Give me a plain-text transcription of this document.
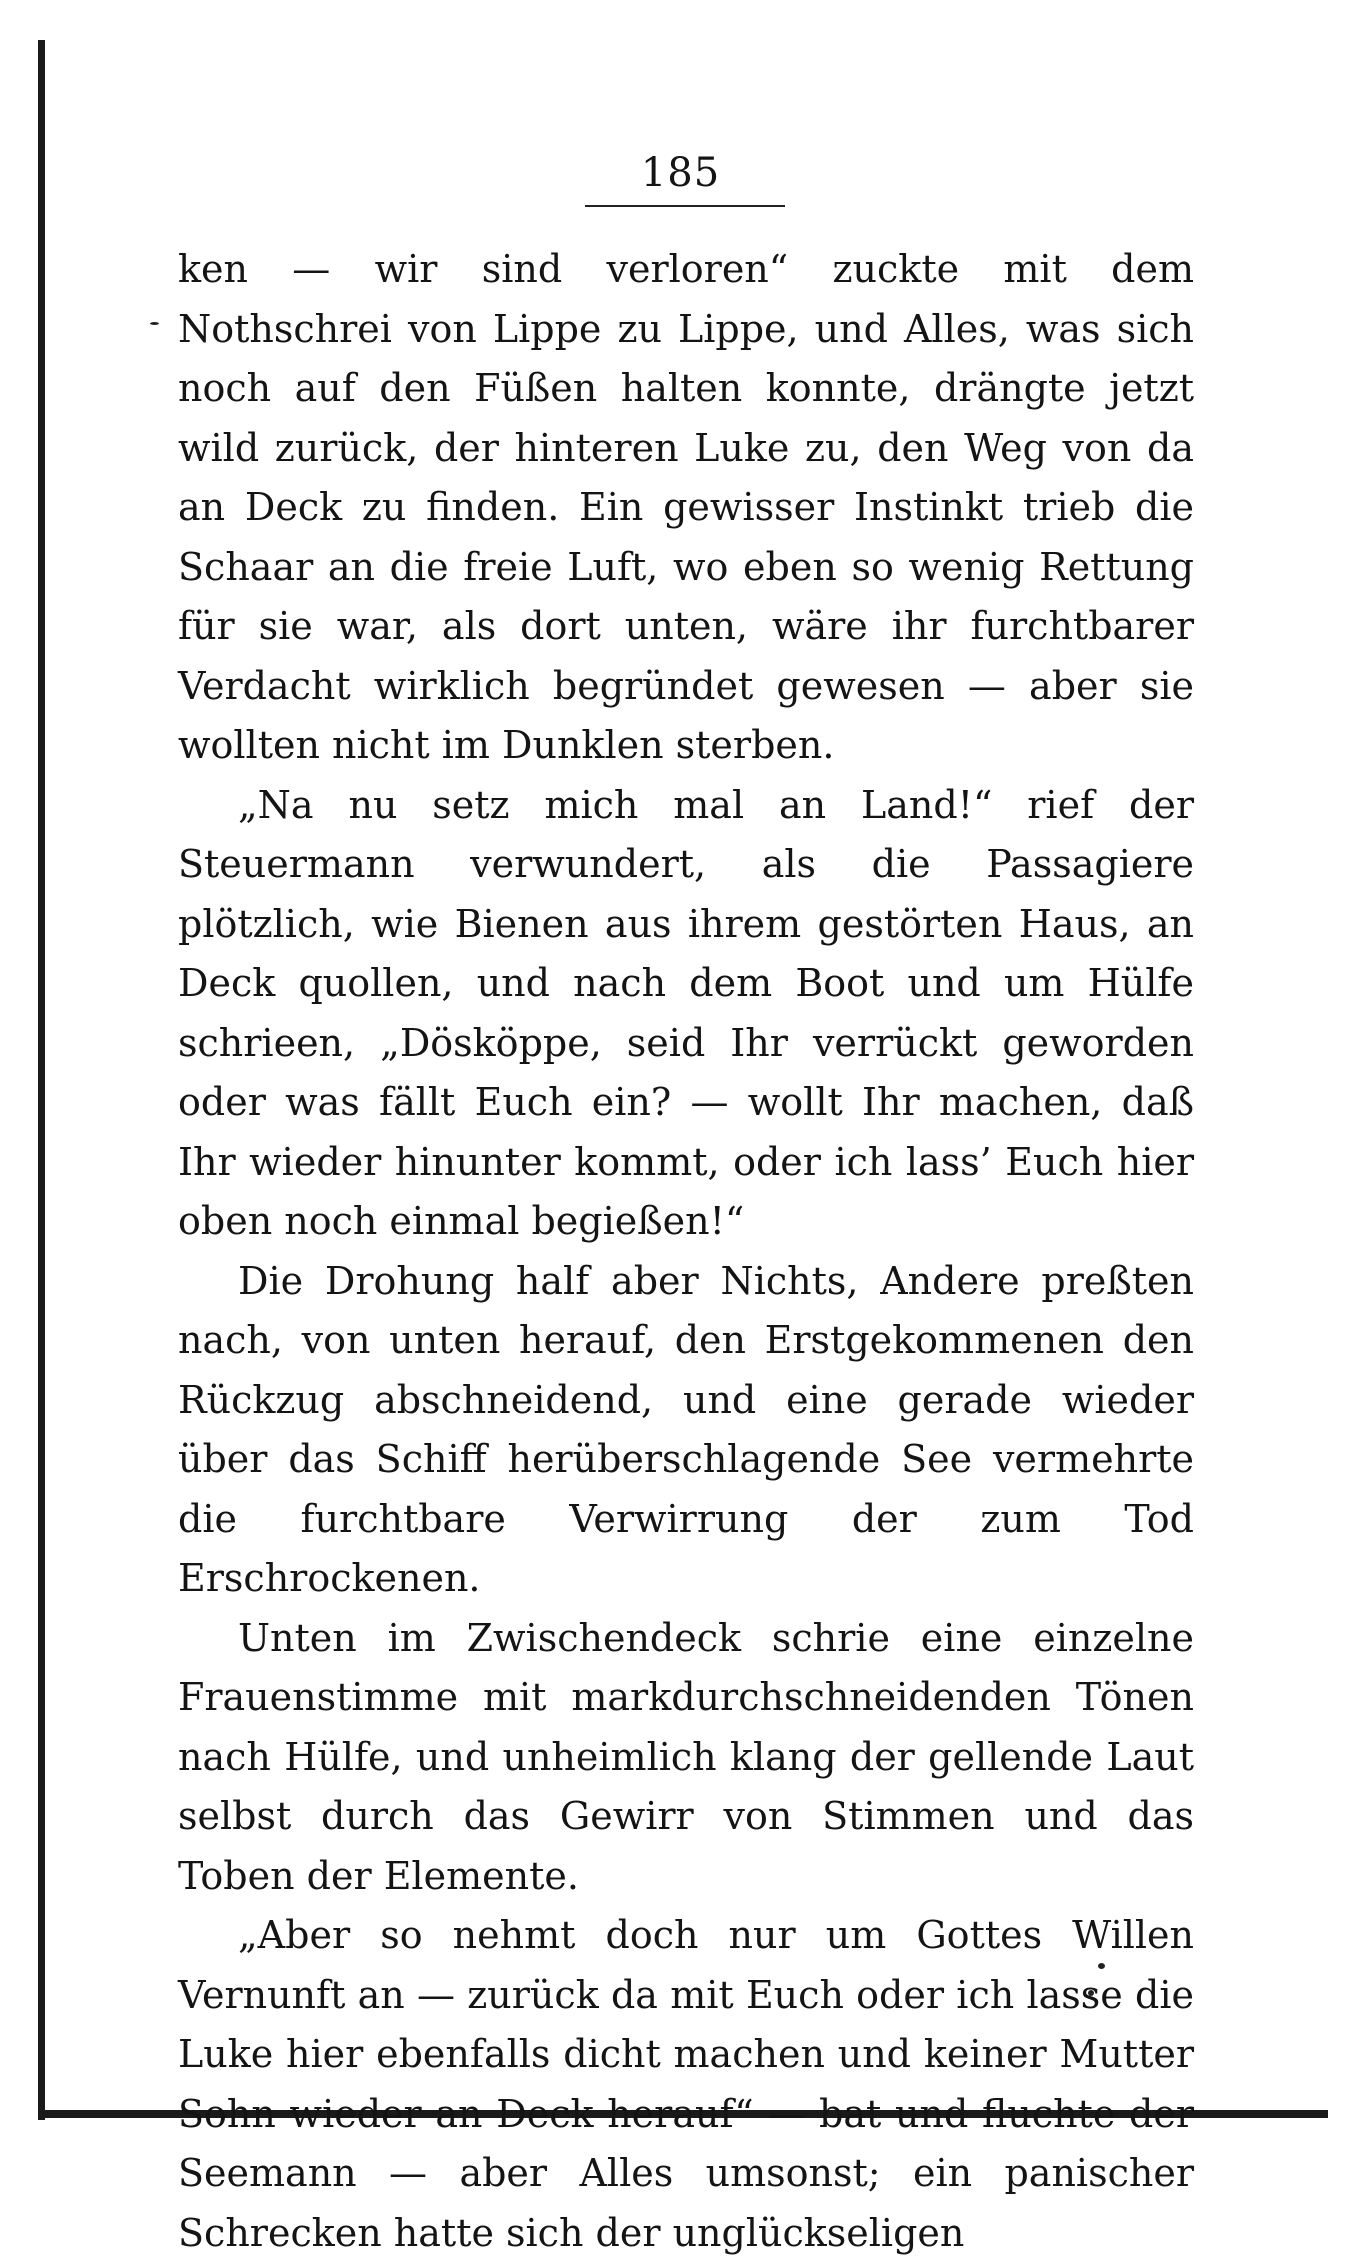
185

ken — wir sind verloren“ zuckte mit dem Nothschrei von Lippe zu Lippe, und Alles, was sich noch auf den Füßen halten konnte, drängte jetzt wild zurück, der hinteren Luke zu, den Weg von da an Deck zu finden. Ein gewisser Instinkt trieb die Schaar an die freie Luft, wo eben so wenig Rettung für sie war, als dort unten, wäre ihr furchtbarer Verdacht wirklich begründet gewesen — aber sie wollten nicht im Dunklen sterben.

„Na nu setz mich mal an Land!“ rief der Steuermann verwundert, als die Passagiere plötzlich, wie Bienen aus ihrem gestörten Haus, an Deck quollen, und nach dem Boot und um Hülfe schrieen, „Dösköppe, seid Ihr verrückt geworden oder was fällt Euch ein? — wollt Ihr machen, daß Ihr wieder hinunter kommt, oder ich lass’ Euch hier oben noch einmal begießen!“

Die Drohung half aber Nichts, Andere preßten nach, von unten herauf, den Erstgekommenen den Rückzug abschneidend, und eine gerade wieder über das Schiff herüberschlagende See vermehrte die furchtbare Verwirrung der zum Tod Erschrockenen.

Unten im Zwischendeck schrie eine einzelne Frauenstimme mit markdurchschneidenden Tönen nach Hülfe, und unheimlich klang der gellende Laut selbst durch das Gewirr von Stimmen und das Toben der Elemente.

„Aber so nehmt doch nur um Gottes Willen Vernunft an — zurück da mit Euch oder ich lasse die Luke hier ebenfalls dicht machen und keiner Mutter Sohn wieder an Deck herauf“ — bat und fluchte der Seemann — aber Alles umsonst; ein panischer Schrecken hatte sich der unglückseligen
